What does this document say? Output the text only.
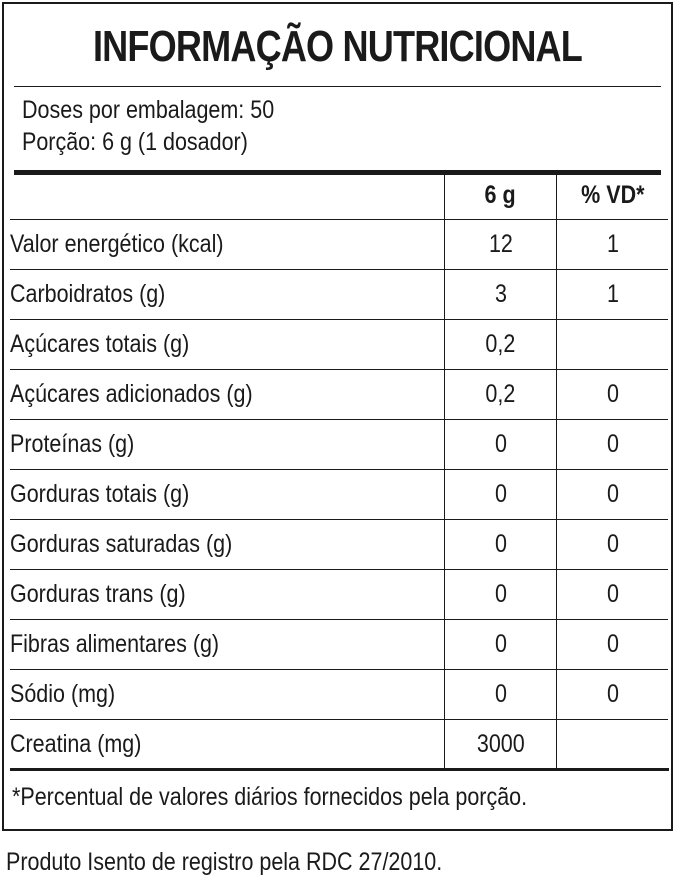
INFORMAÇÃO NUTRICIONAL
Doses por embalagem: 50
Porção: 6 g (1 dosador)
	6 g	% VD*
Valor energético (kcal)	12	1
Carboidratos (g)	3	1
Açúcares totais (g)	0,2	
Açúcares adicionados (g)	0,2	0
Proteínas (g)	0	0
Gorduras totais (g)	0	0
Gorduras saturadas (g)	0	0
Gorduras trans (g)	0	0
Fibras alimentares (g)	0	0
Sódio (mg)	0	0
Creatina (mg)	3000	
*Percentual de valores diários fornecidos pela porção.
Produto Isento de registro pela RDC 27/2010.
